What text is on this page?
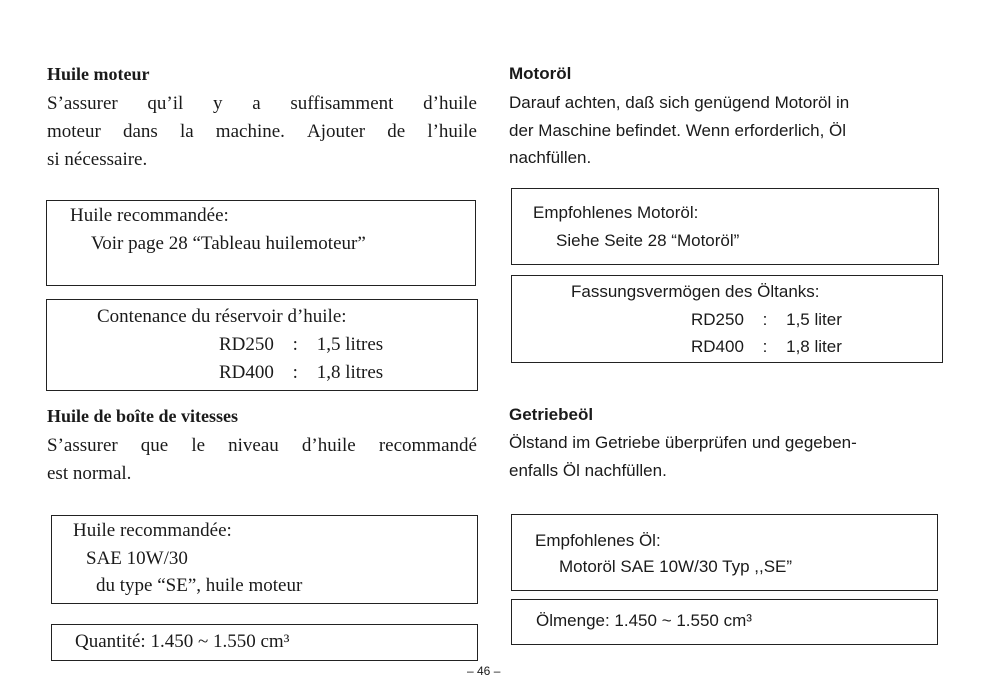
Huile moteur
S’assurer qu’il y a suffisamment d’huile
moteur dans la machine. Ajouter de l’huile
si nécessaire.
Huile recommandée:
Voir page 28 “Tableau huilemoteur”
Contenance du réservoir d’huile:
RD250 : 1,5 litres
RD400 : 1,8 litres
Huile de boîte de vitesses
S’assurer que le niveau d’huile recommandé
est normal.
Huile recommandée:
SAE 10W/30
du type “SE”, huile moteur
Quantité: 1.450 ~ 1.550 cm³
Motoröl
Darauf achten, daß sich genügend Motoröl in
der Maschine befindet. Wenn erforderlich, Öl
nachfüllen.
Empfohlenes Motoröl:
Siehe Seite 28 “Motoröl”
Fassungsvermögen des Öltanks:
RD250 : 1,5 liter
RD400 : 1,8 liter
Getriebeöl
Ölstand im Getriebe überprüfen und gegeben-
enfalls Öl nachfüllen.
Empfohlenes Öl:
Motoröl SAE 10W/30 Typ ,,SE”
Ölmenge: 1.450 ~ 1.550 cm³
– 46 –
